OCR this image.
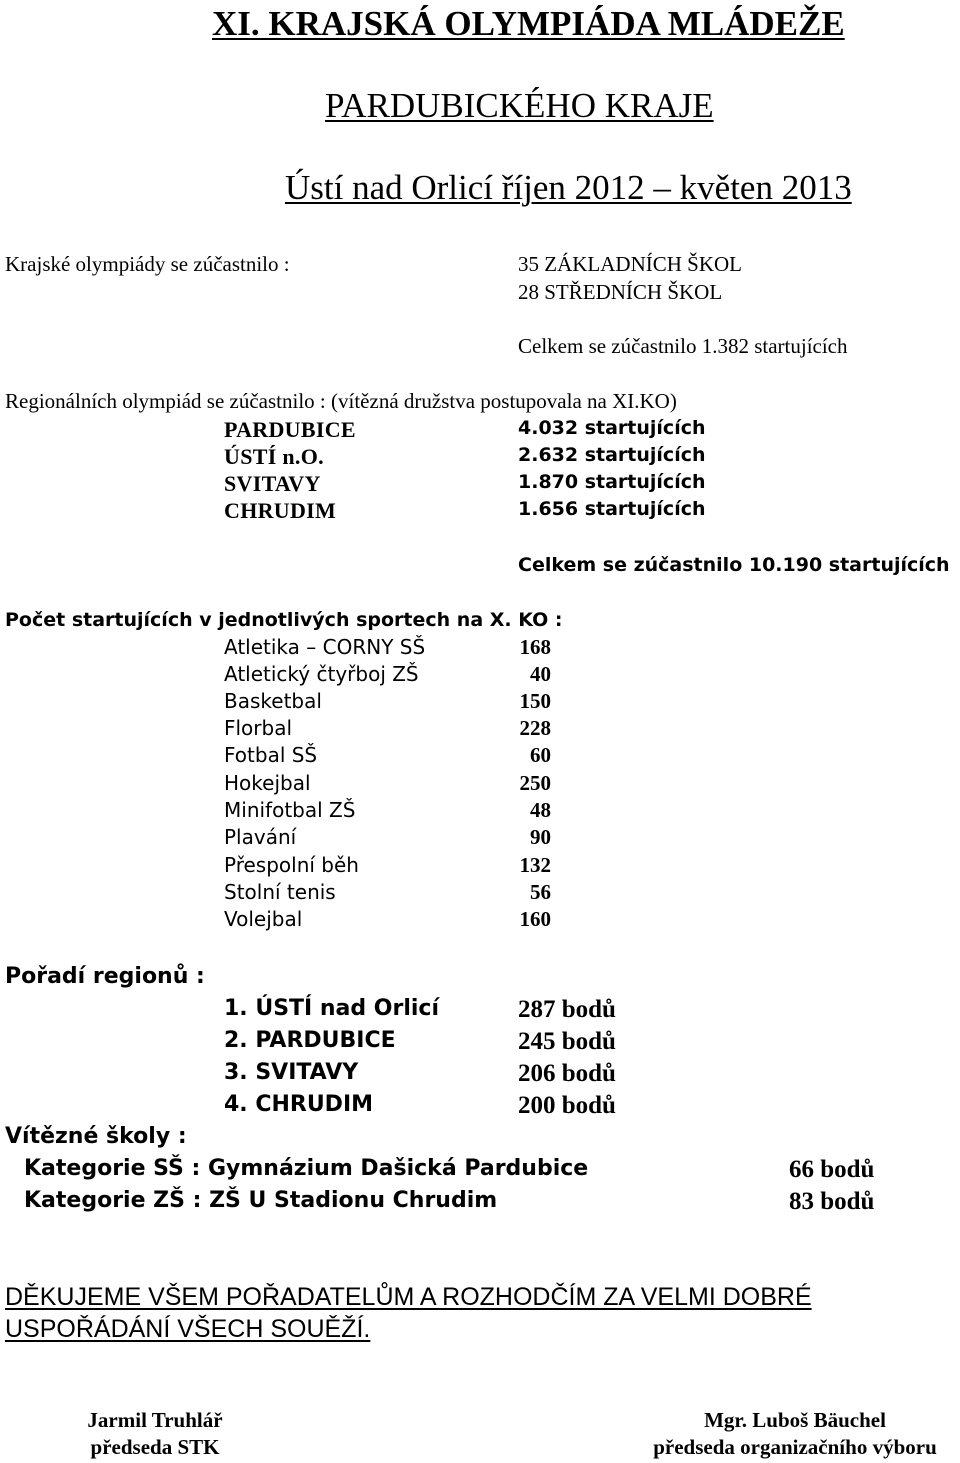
XI. KRAJSKÁ OLYMPIÁDA MLÁDEŽE
PARDUBICKÉHO KRAJE
Ústí nad Orlicí říjen 2012 – květen 2013
Krajské olympiády se zúčastnilo :	35 ZÁKLADNÍCH ŠKOL
28 STŘEDNÍCH ŠKOL
Celkem se zúčastnilo 1.382 startujících
Regionálních olympiád se zúčastnilo : (vítězná družstva postupovala na XI.KO)
PARDUBICE	4.032 startujících
ÚSTÍ n.O.	2.632 startujících
SVITAVY	1.870 startujících
CHRUDIM	1.656 startujících
Celkem se zúčastnilo 10.190 startujících
Počet startujících v jednotlivých sportech na X. KO :
Atletika – CORNY SŠ	168
Atletický čtyřboj ZŠ	40
Basketbal	150
Florbal	228
Fotbal SŠ	60
Hokejbal	250
Minifotbal ZŠ	48
Plavání	90
Přespolní běh	132
Stolní tenis	56
Volejbal	160
Pořadí regionů :
1. ÚSTÍ nad Orlicí	287 bodů
2. PARDUBICE	245 bodů
3. SVITAVY	206 bodů
4. CHRUDIM	200 bodů
Vítězné školy :
Kategorie SŠ : Gymnázium Dašická Pardubice	66 bodů
Kategorie ZŠ : ZŠ U Stadionu Chrudim	83 bodů
DĚKUJEME VŠEM POŘADATELŮM A ROZHODČÍM ZA VELMI DOBRÉ
USPOŘÁDÁNÍ VŠECH SOUĚŽÍ.
Jarmil Truhlář
předseda STK
Mgr. Luboš Bäuchel
předseda organizačního výboru
